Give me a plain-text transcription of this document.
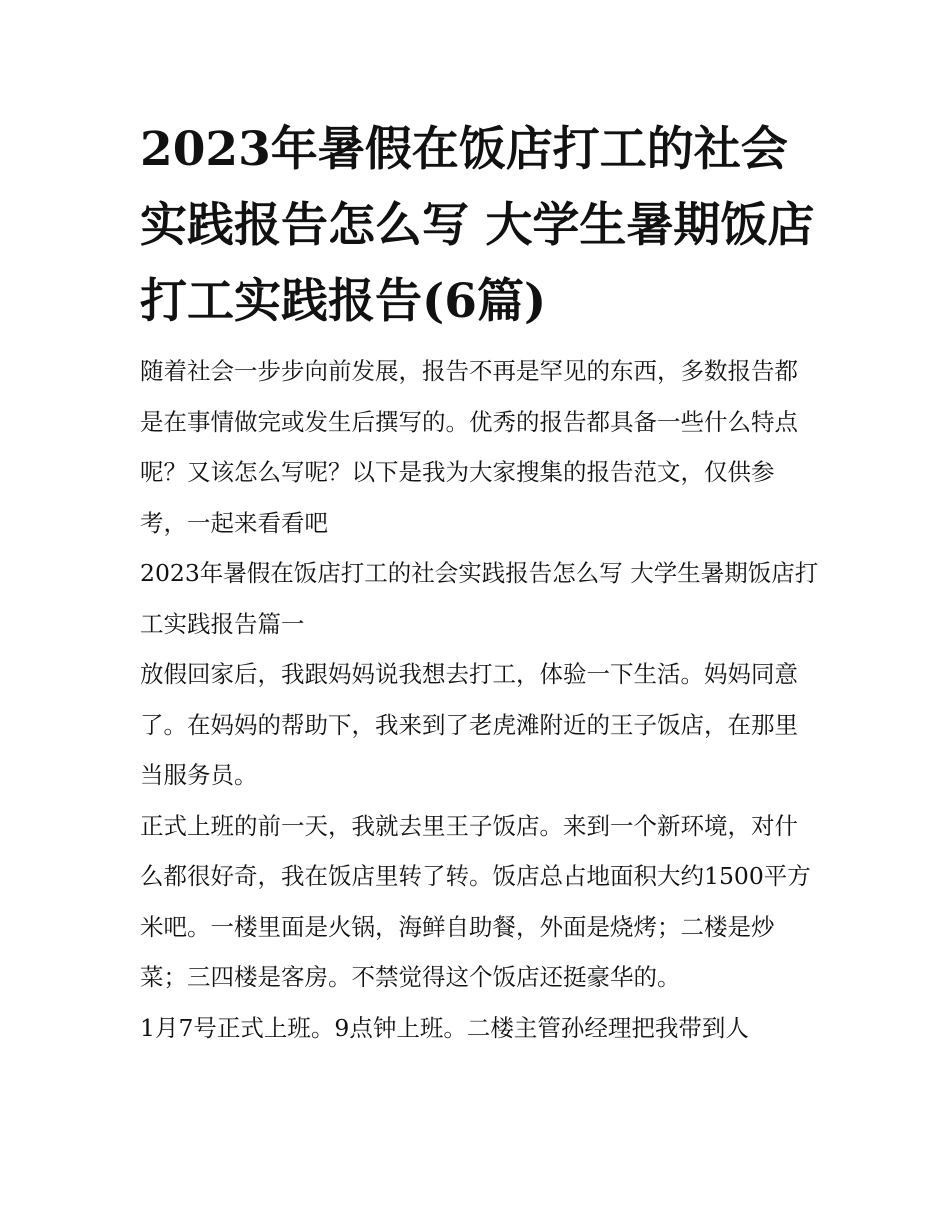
2023年暑假在饭店打工的社会实践报告怎么写 大学生暑期饭店打工实践报告(6篇)

随着社会一步步向前发展，报告不再是罕见的东西，多数报告都是在事情做完或发生后撰写的。优秀的报告都具备一些什么特点呢？又该怎么写呢？以下是我为大家搜集的报告范文，仅供参考，一起来看看吧

2023年暑假在饭店打工的社会实践报告怎么写 大学生暑期饭店打工实践报告篇一

放假回家后，我跟妈妈说我想去打工，体验一下生活。妈妈同意了。在妈妈的帮助下，我来到了老虎滩附近的王子饭店，在那里当服务员。

正式上班的前一天，我就去里王子饭店。来到一个新环境，对什么都很好奇，我在饭店里转了转。饭店总占地面积大约1500平方米吧。一楼里面是火锅，海鲜自助餐，外面是烧烤；二楼是炒菜；三四楼是客房。不禁觉得这个饭店还挺豪华的。

1月7号正式上班。9点钟上班。二楼主管孙经理把我带到人
